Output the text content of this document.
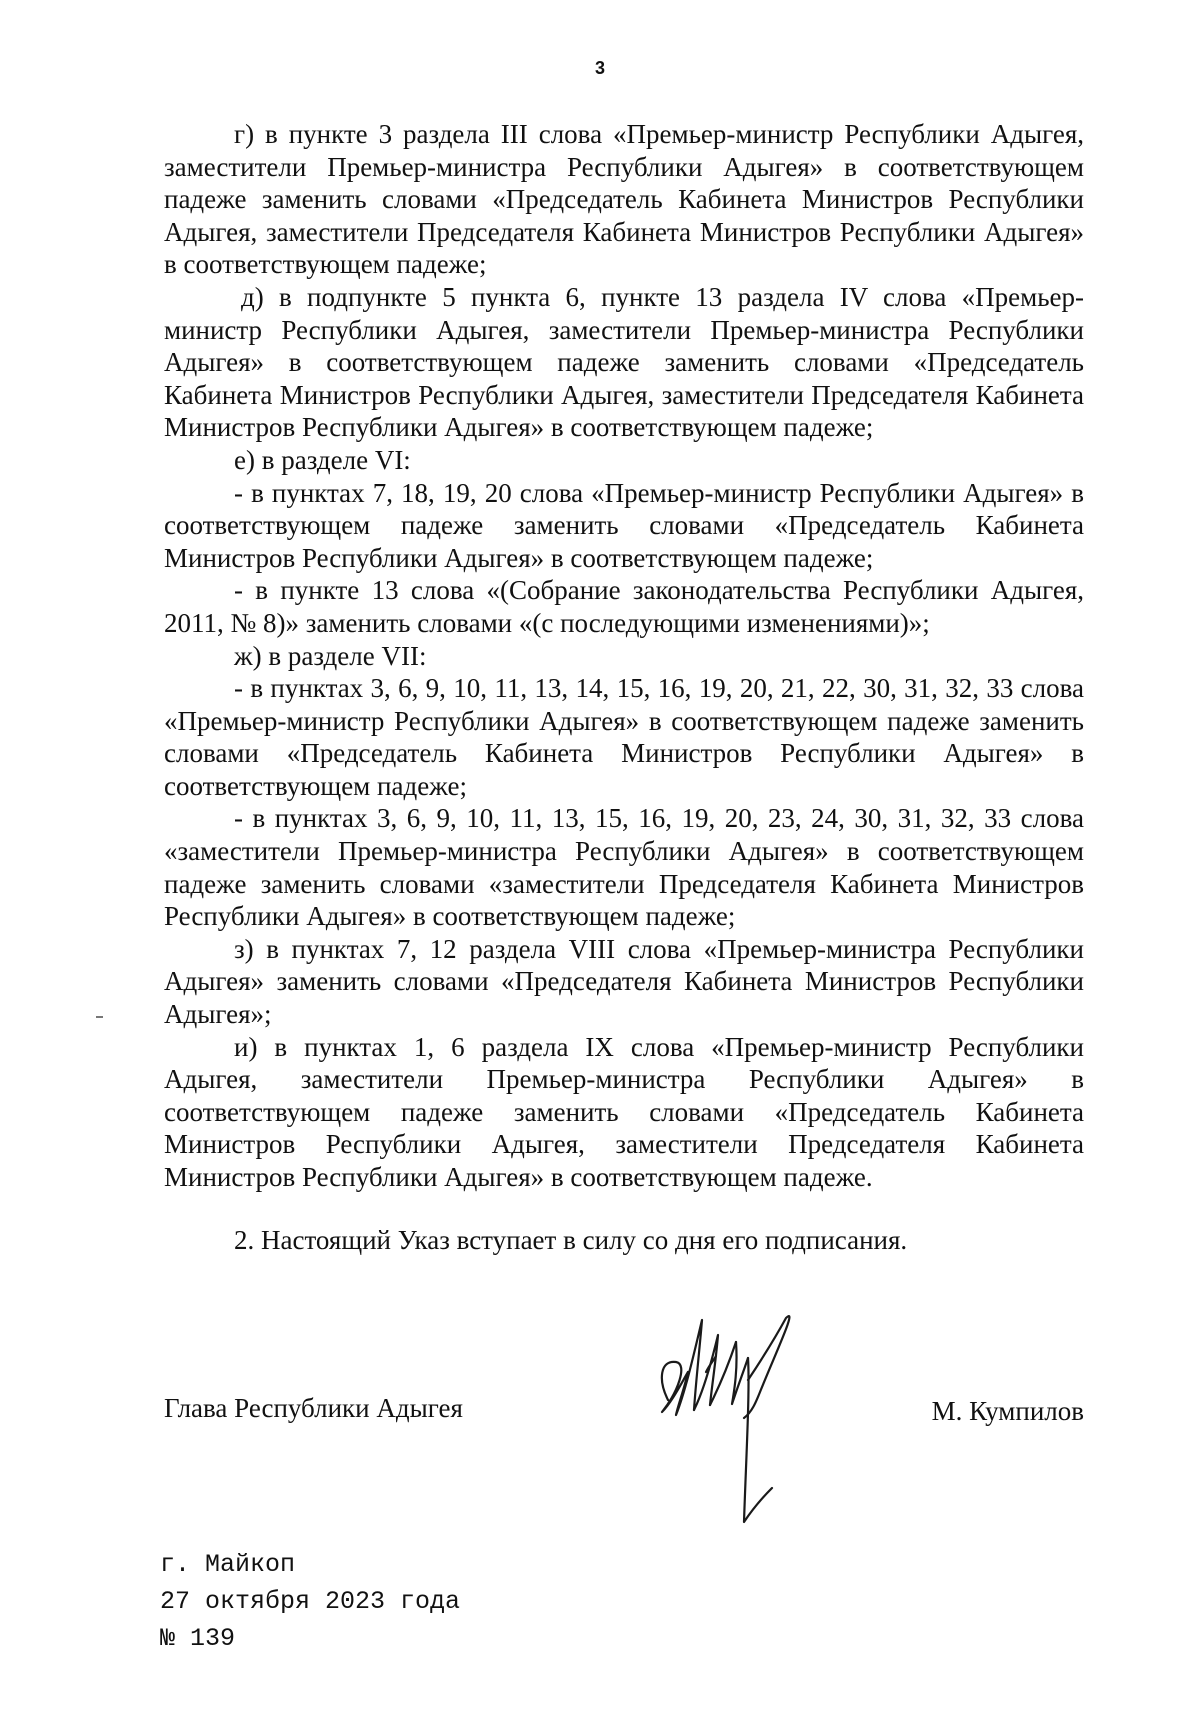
3

г) в пункте 3 раздела III слова «Премьер-министр Республики Адыгея, заместители Премьер-министра Республики Адыгея» в соответствующем падеже заменить словами «Председатель Кабинета Министров Республики Адыгея, заместители Председателя Кабинета Министров Республики Адыгея» в соответствующем падеже;

д) в подпункте 5 пункта 6, пункте 13 раздела IV слова «Премьер-министр Республики Адыгея, заместители Премьер-министра Республики Адыгея» в соответствующем падеже заменить словами «Председатель Кабинета Министров Республики Адыгея, заместители Председателя Кабинета Министров Республики Адыгея» в соответствующем падеже;

е) в разделе VI:

- в пунктах 7, 18, 19, 20 слова «Премьер-министр Республики Адыгея» в соответствующем падеже заменить словами «Председатель Кабинета Министров Республики Адыгея» в соответствующем падеже;

- в пункте 13 слова «(Собрание законодательства Республики Адыгея, 2011, № 8)» заменить словами «(с последующими изменениями)»;

ж) в разделе VII:

- в пунктах 3, 6, 9, 10, 11, 13, 14, 15, 16, 19, 20, 21, 22, 30, 31, 32, 33 слова «Премьер-министр Республики Адыгея» в соответствующем падеже заменить словами «Председатель Кабинета Министров Республики Адыгея» в соответствующем падеже;

- в пунктах 3, 6, 9, 10, 11, 13, 15, 16, 19, 20, 23, 24, 30, 31, 32, 33 слова «заместители Премьер-министра Республики Адыгея» в соответствующем падеже заменить словами «заместители Председателя Кабинета Министров Республики Адыгея» в соответствующем падеже;

з) в пунктах 7, 12 раздела VIII слова «Премьер-министра Республики Адыгея» заменить словами «Председателя Кабинета Министров Республики Адыгея»;

и) в пунктах 1, 6 раздела IX слова «Премьер-министр Республики Адыгея, заместители Премьер-министра Республики Адыгея» в соответствующем падеже заменить словами «Председатель Кабинета Министров Республики Адыгея, заместители Председателя Кабинета Министров Республики Адыгея» в соответствующем падеже.

2. Настоящий Указ вступает в силу со дня его подписания.

Глава Республики Адыгея	М. Кумпилов
г. Майкоп
27 октября 2023 года
№ 139
